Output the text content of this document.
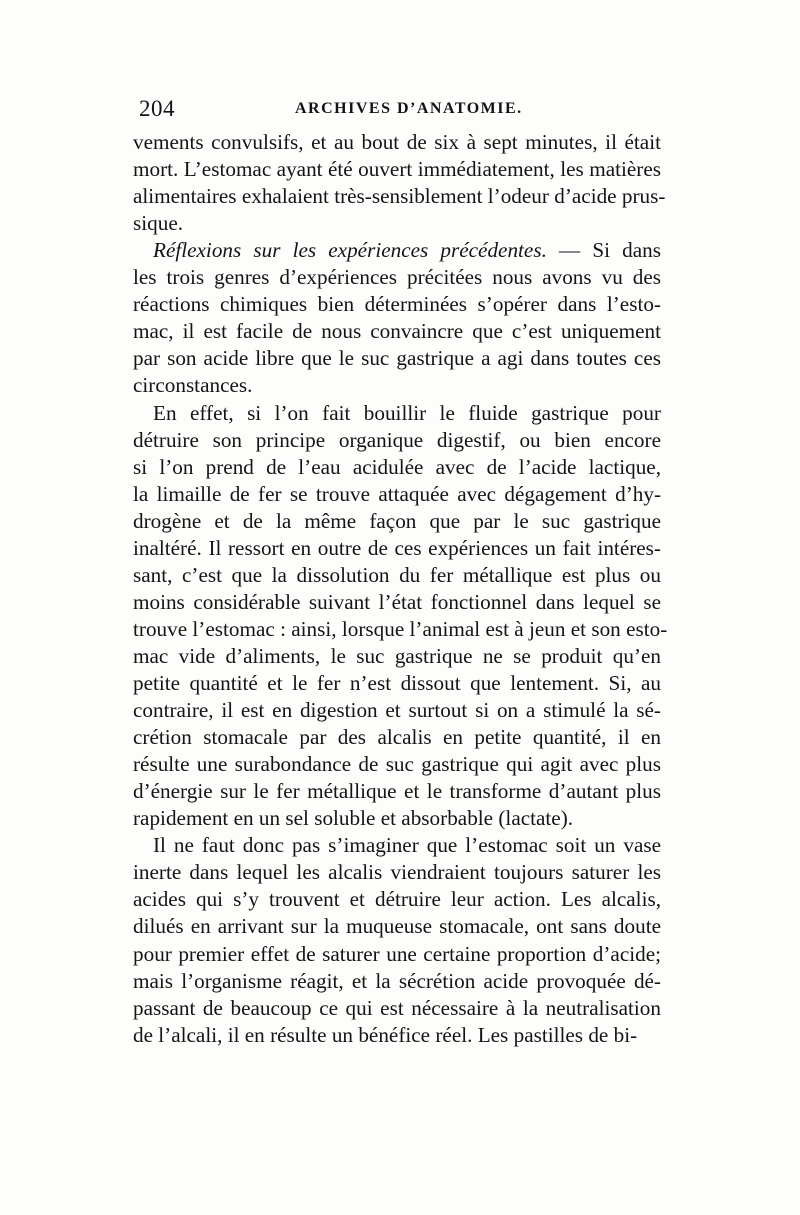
204	ARCHIVES D’ANATOMIE.
vements convulsifs, et au bout de six à sept minutes, il était
mort. L’estomac ayant été ouvert immédiatement, les matières
alimentaires exhalaient très-sensiblement l’odeur d’acide prus-
sique.
Réflexions sur les expériences précédentes. — Si dans
les trois genres d’expériences précitées nous avons vu des
réactions chimiques bien déterminées s’opérer dans l’esto-
mac, il est facile de nous convaincre que c’est uniquement
par son acide libre que le suc gastrique a agi dans toutes ces
circonstances.
En effet, si l’on fait bouillir le fluide gastrique pour
détruire son principe organique digestif, ou bien encore
si l’on prend de l’eau acidulée avec de l’acide lactique,
la limaille de fer se trouve attaquée avec dégagement d’hy-
drogène et de la même façon que par le suc gastrique
inaltéré. Il ressort en outre de ces expériences un fait intéres-
sant, c’est que la dissolution du fer métallique est plus ou
moins considérable suivant l’état fonctionnel dans lequel se
trouve l’estomac : ainsi, lorsque l’animal est à jeun et son esto-
mac vide d’aliments, le suc gastrique ne se produit qu’en
petite quantité et le fer n’est dissout que lentement. Si, au
contraire, il est en digestion et surtout si on a stimulé la sé-
crétion stomacale par des alcalis en petite quantité, il en
résulte une surabondance de suc gastrique qui agit avec plus
d’énergie sur le fer métallique et le transforme d’autant plus
rapidement en un sel soluble et absorbable (lactate).
Il ne faut donc pas s’imaginer que l’estomac soit un vase
inerte dans lequel les alcalis viendraient toujours saturer les
acides qui s’y trouvent et détruire leur action. Les alcalis,
dilués en arrivant sur la muqueuse stomacale, ont sans doute
pour premier effet de saturer une certaine proportion d’acide;
mais l’organisme réagit, et la sécrétion acide provoquée dé-
passant de beaucoup ce qui est nécessaire à la neutralisation
de l’alcali, il en résulte un bénéfice réel. Les pastilles de bi-
